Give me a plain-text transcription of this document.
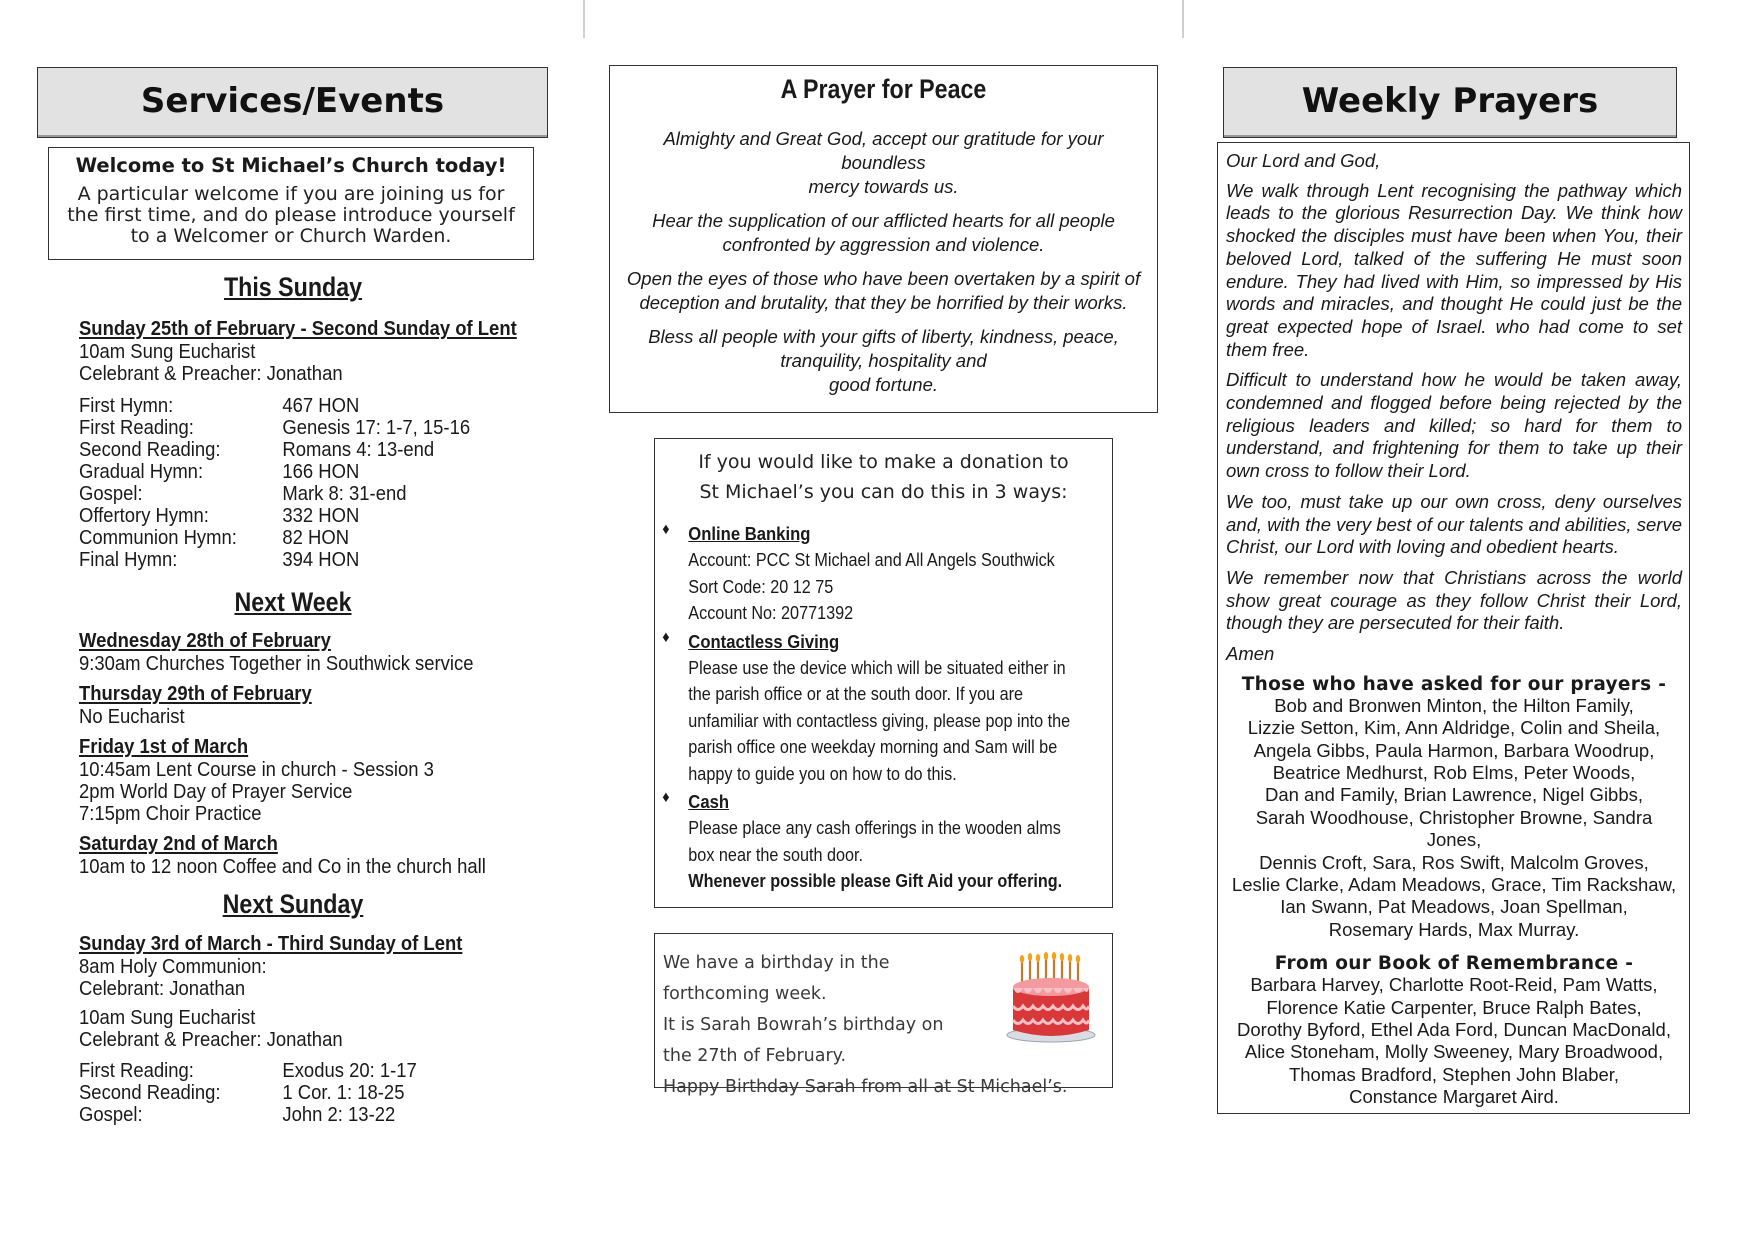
Services/Events
Welcome to St Michael’s Church today!
A particular welcome if you are joining us for
the first time, and do please introduce yourself
to a Welcomer or Church Warden.
This Sunday

Sunday 25th of February - Second Sunday of Lent

10am Sung Eucharist

Celebrant & Preacher: Jonathan

First Hymn:	467 HON
First Reading:	Genesis 17: 1-7, 15-16
Second Reading:	Romans 4: 13-end
Gradual Hymn:	166 HON
Gospel:	Mark 8: 31-end
Offertory Hymn:	332 HON
Communion Hymn:	82 HON
Final Hymn:	394 HON
Next Week

Wednesday 28th of February

9:30am Churches Together in Southwick service

Thursday 29th of February

No Eucharist

Friday 1st of March

10:45am Lent Course in church - Session 3

2pm World Day of Prayer Service

7:15pm Choir Practice

Saturday 2nd of March

10am to 12 noon Coffee and Co in the church hall

Next Sunday

Sunday 3rd of March - Third Sunday of Lent

8am Holy Communion:

Celebrant: Jonathan

10am Sung Eucharist

Celebrant & Preacher: Jonathan

First Reading:	Exodus 20: 1-17
Second Reading:	1 Cor. 1: 18-25
Gospel:	John 2: 13-22
A Prayer for Peace

Almighty and Great God, accept our gratitude for your boundless
mercy towards us.

Hear the supplication of our afflicted hearts for all people
confronted by aggression and violence.

Open the eyes of those who have been overtaken by a spirit of
deception and brutality, that they be horrified by their works.

Bless all people with your gifts of liberty, kindness, peace,
tranquility, hospitality and
good fortune.

If you would like to make a donation to
St Michael’s you can do this in 3 ways:
♦ Online Banking
Account: PCC St Michael and All Angels Southwick
Sort Code: 20 12 75
Account No: 20771392
♦ Contactless Giving
Please use the device which will be situated either in
the parish office or at the south door. If you are
unfamiliar with contactless giving, please pop into the
parish office one weekday morning and Sam will be
happy to guide you on how to do this.
♦ Cash
Please place any cash offerings in the wooden alms
box near the south door.
Whenever possible please Gift Aid your offering.
We have a birthday in the
forthcoming week.
It is Sarah Bowrah’s birthday on
the 27th of February.
Happy Birthday Sarah from all at St Michael’s.
Weekly Prayers

Our Lord and God,

We walk through Lent recognising the pathway which leads to the glorious Resurrection Day. We think how shocked the disciples must have been when You, their beloved Lord, talked of the suffering He must soon endure. They had lived with Him, so impressed by His words and miracles, and thought He could just be the great expected hope of Israel. who had come to set them free.

Difficult to understand how he would be taken away, condemned and flogged before being rejected by the religious leaders and killed; so hard for them to understand, and frightening for them to take up their own cross to follow their Lord.

We too, must take up our own cross, deny ourselves and, with the very best of our talents and abilities, serve Christ, our Lord with loving and obedient hearts.

We remember now that Christians across the world show great courage as they follow Christ their Lord, though they are persecuted for their faith.

Amen

Those who have asked for our prayers -

Bob and Bronwen Minton, the Hilton Family,
Lizzie Setton, Kim, Ann Aldridge, Colin and Sheila,
Angela Gibbs, Paula Harmon, Barbara Woodrup,
Beatrice Medhurst, Rob Elms, Peter Woods,
Dan and Family, Brian Lawrence, Nigel Gibbs,
Sarah Woodhouse, Christopher Browne, Sandra Jones,
Dennis Croft, Sara, Ros Swift, Malcolm Groves,
Leslie Clarke, Adam Meadows, Grace, Tim Rackshaw,
Ian Swann, Pat Meadows, Joan Spellman,
Rosemary Hards, Max Murray.

From our Book of Remembrance -

Barbara Harvey, Charlotte Root-Reid, Pam Watts,
Florence Katie Carpenter, Bruce Ralph Bates,
Dorothy Byford, Ethel Ada Ford, Duncan MacDonald,
Alice Stoneham, Molly Sweeney, Mary Broadwood,
Thomas Bradford, Stephen John Blaber,
Constance Margaret Aird.
